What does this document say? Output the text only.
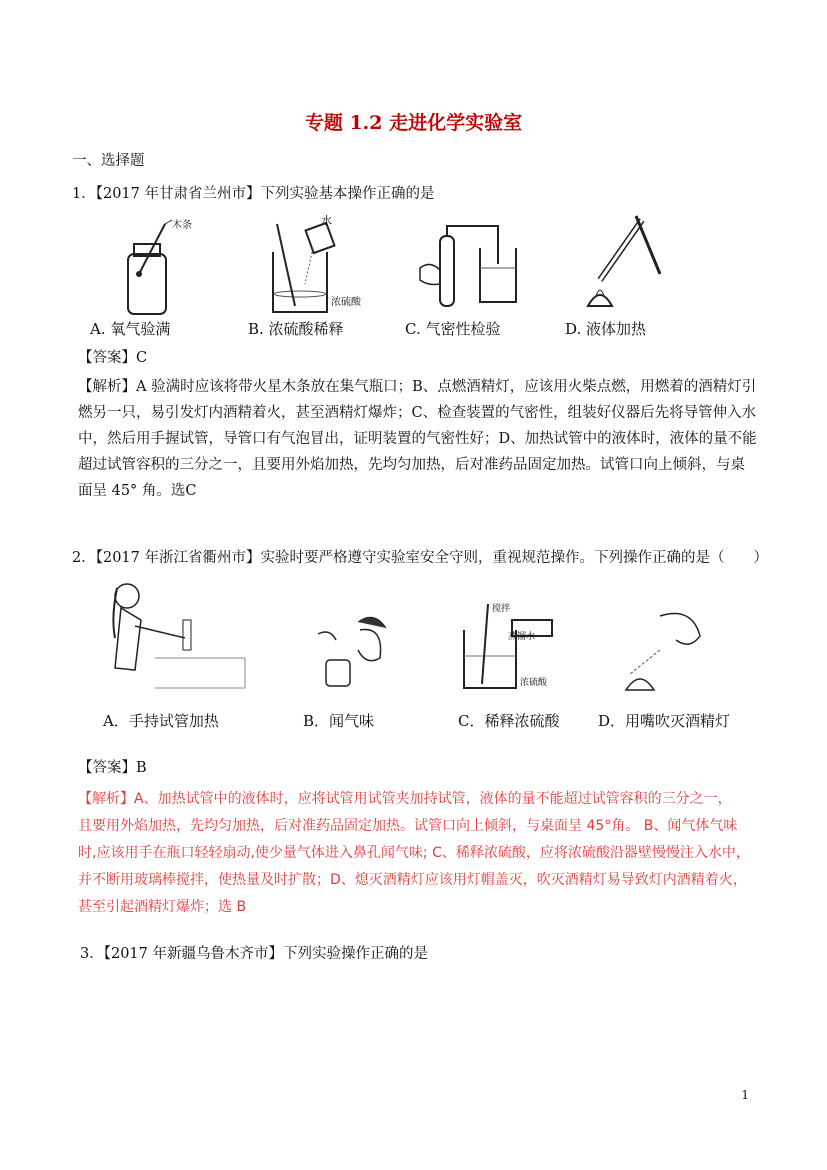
专题 1.2 走进化学实验室
一、选择题
1．【2017 年甘肃省兰州市】下列实验基本操作正确的是
木条	水
浓硫酸
A. 氧气验满	B. 浓硫酸稀释	C. 气密性检验	D. 液体加热
【答案】C
【解析】A 验满时应该将带火星木条放在集气瓶口；B、点燃酒精灯，应该用火柴点燃，用燃着的酒精灯引
燃另一只，易引发灯内酒精着火，甚至酒精灯爆炸；C、检查装置的气密性，组装好仪器后先将导管伸入水
中，然后用手握试管，导管口有气泡冒出，证明装置的气密性好；D、加热试管中的液体时，液体的量不能
超过试管容积的三分之一，且要用外焰加热，先均匀加热，后对准药品固定加热。试管口向上倾斜，与桌
面呈 45° 角。选C
2．【2017 年浙江省衢州市】实验时要严格遵守实验室安全守则，重视规范操作。下列操作正确的是（　　）
搅拌
蒸馏水
浓硫酸
A．手持试管加热	B．闻气味	C．稀释浓硫酸	D．用嘴吹灭酒精灯
【答案】B
【解析】A、加热试管中的液体时，应将试管用试管夹加持试管，液体的量不能超过试管容积的三分之一，
且要用外焰加热，先均匀加热，后对准药品固定加热。试管口向上倾斜，与桌面呈 45°角。 B、闻气体气味
时,应该用手在瓶口轻轻扇动,使少量气体进入鼻孔闻气味; C、稀释浓硫酸，应将浓硫酸沿器壁慢慢注入水中，
并不断用玻璃棒搅拌，使热量及时扩散；D、熄灭酒精灯应该用灯帽盖灭，吹灭酒精灯易导致灯内酒精着火，
甚至引起酒精灯爆炸；选 B
3．【2017 年新疆乌鲁木齐市】下列实验操作正确的是
1
